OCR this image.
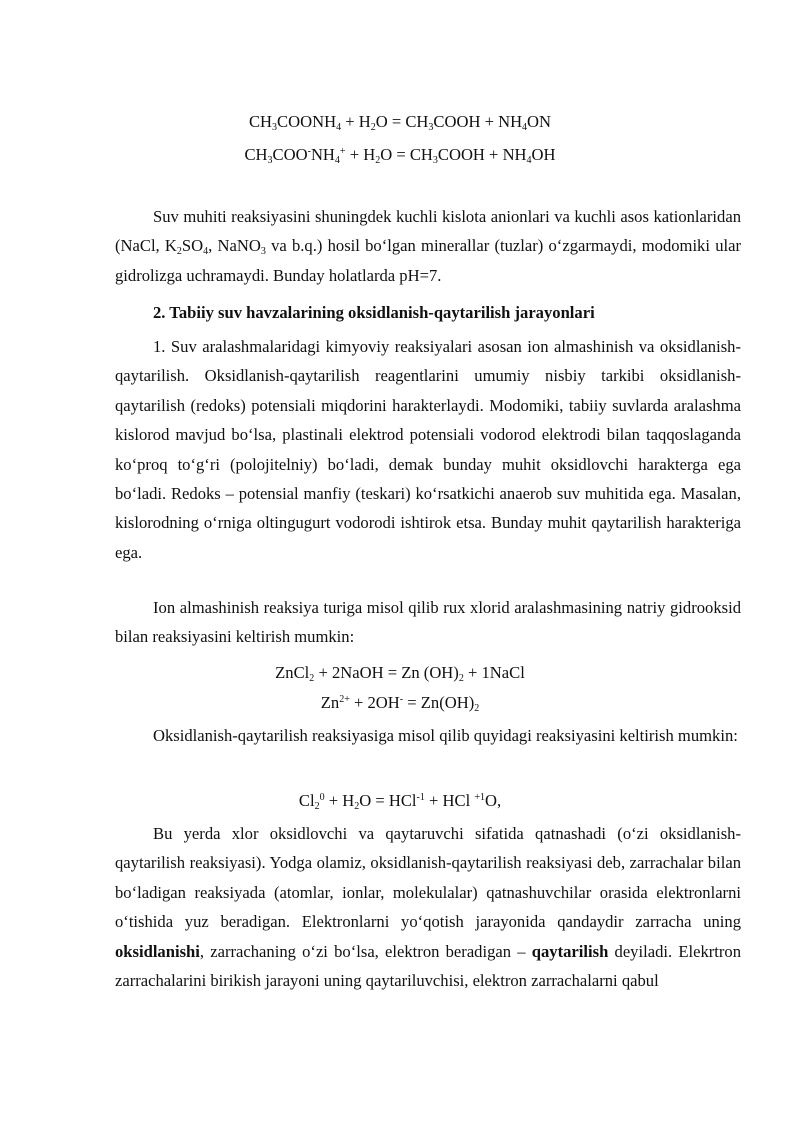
$CH_3COONH_4 + H_2O$ = $CH_3COOH + NH_4ON$
$CH_3COO^-NH_4^+ + H_2O$ = $CH_3COOH + NH_4OH$

Suv muhiti reaksiyasini shuningdek kuchli kislota anionlari va kuchli asos kationlaridan (NaCl, $K_2SO_4$, NaNO$_3$ va b.q.) hosil boʻlgan minerallar (tuzlar) oʻzgarmaydi, modomiki ular gidrolizga uchramaydi. Bunday holatlarda pH=7.

2. Tabiiy suv havzalarining oksidlanish-qaytarilish jarayonlari

1. Suv aralashmalaridagi kimyoviy reaksiyalari asosan ion almashinish va oksidlanish-qaytarilish. Oksidlanish-qaytarilish reagentlarini umumiy nisbiy tarkibi oksidlanish-qaytarilish (redoks) potensiali miqdorini harakterlaydi. Modomiki, tabiiy suvlarda aralashma kislorod mavjud boʻlsa, plastinali elektrod potensiali vodorod elektrodi bilan taqqoslaganda koʻproq toʻgʻri (polojitelniy) boʻladi, demak bunday muhit oksidlovchi harakterga ega boʻladi. Redoks – potensial manfiy (teskari) koʻrsatkichi anaerob suv muhitida ega. Masalan, kislorodning oʻrniga oltingugurt vodorodi ishtirok etsa. Bunday muhit qaytarilish harakteriga ega.

Ion almashinish reaksiya turiga misol qilib rux xlorid aralashmasining natriy gidrooksid bilan reaksiyasini keltirish mumkin:

ZnCl$_2$ + 2NaOH = Zn $(OH)_2$ + 1NaCl
$Zn^{2+} + 2OH^- = Zn(OH)_2$

Oksidlanish-qaytarilish reaksiyasiga misol qilib quyidagi reaksiyasini keltirish mumkin:

$Cl_2^0 + H_2O = HCl^{-1}$ + HCl $^{+1}$O,

Bu yerda xlor oksidlovchi va qaytaruvchi sifatida qatnashadi (oʻzi oksidlanish-qaytarilish reaksiyasi). Yodga olamiz, oksidlanish-qaytarilish reaksiyasi deb, zarrachalar bilan boʻladigan reaksiyada (atomlar, ionlar, molekulalar) qatnashuvchilar orasida elektronlarni oʻtishida yuz beradigan. Elektronlarni yoʻqotish jarayonida qandaydir zarracha uning oksidlanishi, zarrachaning oʻzi boʻlsa, elektron beradigan – qaytarilish deyiladi. Elekrtron zarrachalarini birikish jarayoni uning qaytariluvchisi, elektron zarrachalarni qabul
